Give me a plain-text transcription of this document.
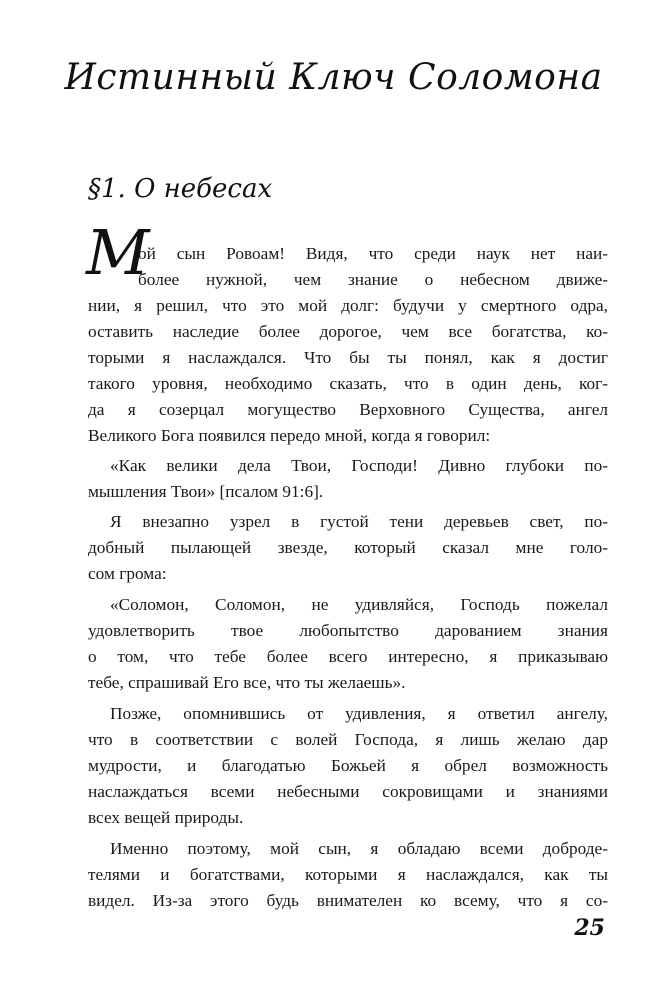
Истинный Ключ Соломона
§1. О небесах
М
ой сын Ровоам! Видя, что среди наук нет наи-
более нужной, чем знание о небесном движе-
нии, я решил, что это мой долг: будучи у смертного одра,
оставить наследие более дорогое, чем все богатства, ко-
торыми я наслаждался. Что бы ты понял, как я достиг
такого уровня, необходимо сказать, что в один день, ког-
да я созерцал могущество Верховного Существа, ангел
Великого Бога появился передо мной, когда я говорил:
«Как велики дела Твои, Господи! Дивно глубоки по-
мышления Твои» [псалом 91:6].
Я внезапно узрел в густой тени деревьев свет, по-
добный пылающей звезде, который сказал мне голо-
сом грома:
«Соломон, Соломон, не удивляйся, Господь пожелал
удовлетворить твое любопытство дарованием знания
о том, что тебе более всего интересно, я приказываю
тебе, спрашивай Его все, что ты желаешь».
Позже, опомнившись от удивления, я ответил ангелу,
что в соответствии с волей Господа, я лишь желаю дар
мудрости, и благодатью Божьей я обрел возможность
наслаждаться всеми небесными сокровищами и знаниями
всех вещей природы.
Именно поэтому, мой сын, я обладаю всеми доброде-
телями и богатствами, которыми я наслаждался, как ты
видел. Из-за этого будь внимателен ко всему, что я со-
25
